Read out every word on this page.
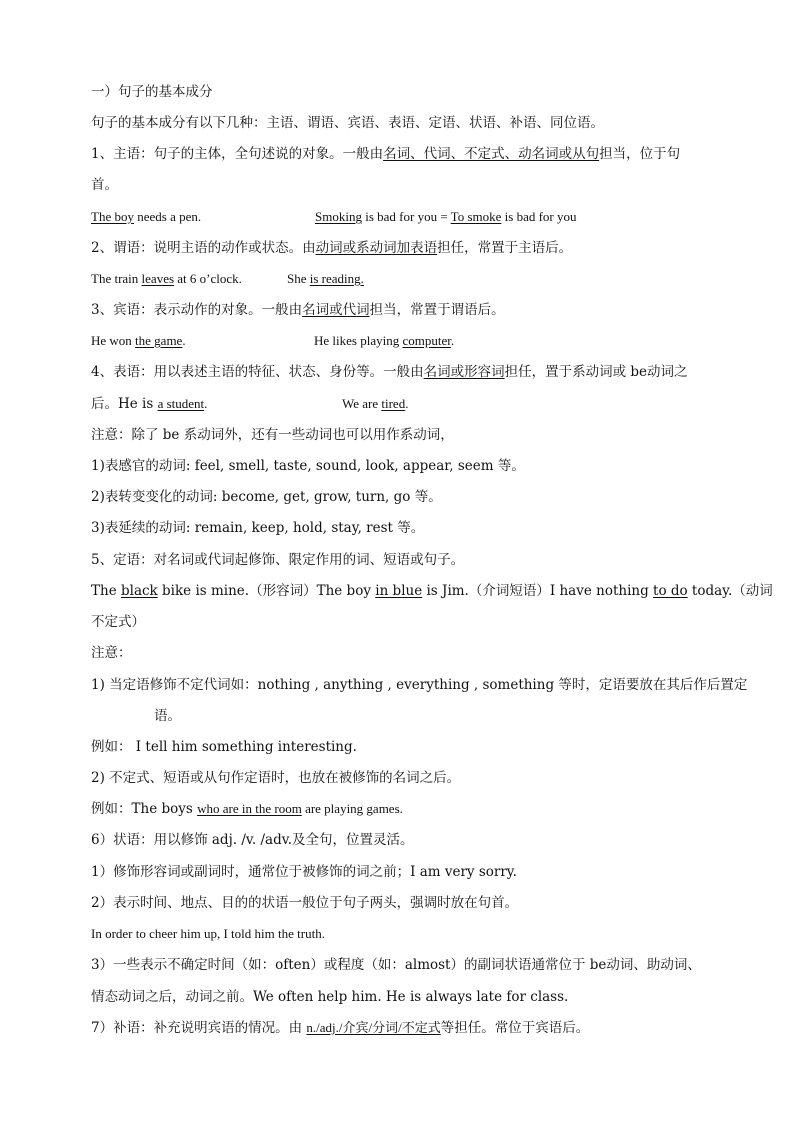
一）句子的基本成分
句子的基本成分有以下几种：主语、谓语、宾语、表语、定语、状语、补语、同位语。
1、主语：句子的主体，全句述说的对象。一般由名词、代词、不定式、动名词或从句担当，位于句
首。
The boy needs a pen.	Smoking is bad for you = To smoke is bad for you
2、谓语：说明主语的动作或状态。由动词或系动词加表语担任，常置于主语后。
The train leaves at 6 o’clock.	She is reading.
3、宾语：表示动作的对象。一般由名词或代词担当，常置于谓语后。
He won the game.	He likes playing computer.
4、表语：用以表述主语的特征、状态、身份等。一般由名词或形容词担任，置于系动词或 be动词之
后。He is a student.	We are tired.
注意：除了 be 系动词外，还有一些动词也可以用作系动词，
1)表感官的动词: feel, smell, taste, sound, look, appear, seem 等。
2)表转变变化的动词: become, get, grow, turn, go 等。
3)表延续的动词: remain, keep, hold, stay, rest 等。
5、定语：对名词或代词起修饰、限定作用的词、短语或句子。
The black bike is mine.（形容词）The boy in blue is Jim.（介词短语）I have nothing to do today.（动词
不定式）
注意：
1) 当定语修饰不定代词如：nothing , anything , everything , something 等时，定语要放在其后作后置定
语。
例如： I tell him something interesting.
2) 不定式、短语或从句作定语时，也放在被修饰的名词之后。
例如：The boys who are in the room are playing games.
6）状语：用以修饰 adj. /v. /adv.及全句，位置灵活。
1）修饰形容词或副词时，通常位于被修饰的词之前；I am very sorry.
2）表示时间、地点、目的的状语一般位于句子两头，强调时放在句首。
In order to cheer him up, I told him the truth.
3）一些表示不确定时间（如：often）或程度（如：almost）的副词状语通常位于 be动词、助动词、
情态动词之后，动词之前。We often help him. He is always late for class.
7）补语：补充说明宾语的情况。由 n./adj./介宾/分词/不定式等担任。常位于宾语后。
